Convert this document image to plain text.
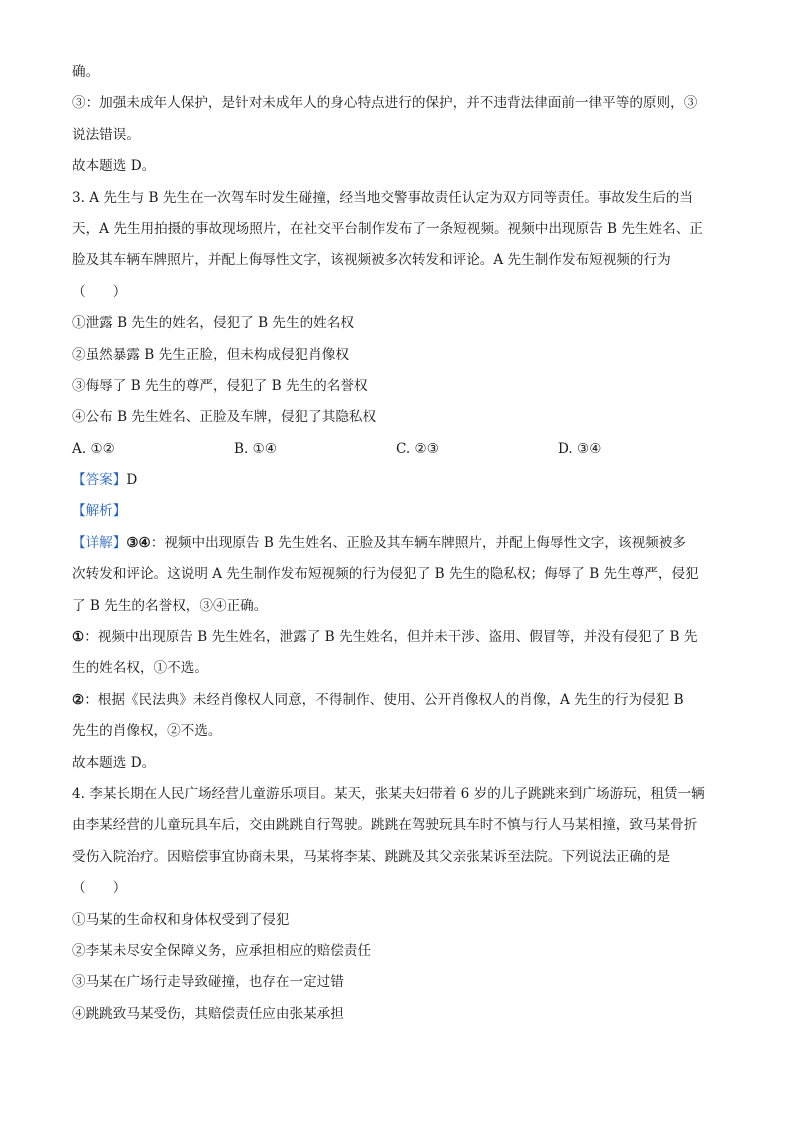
确。
③：加强未成年人保护，是针对未成年人的身心特点进行的保护，并不违背法律面前一律平等的原则，③
说法错误。
故本题选 D。
3. A 先生与 B 先生在一次驾车时发生碰撞，经当地交警事故责任认定为双方同等责任。事故发生后的当
天，A 先生用拍摄的事故现场照片，在社交平台制作发布了一条短视频。视频中出现原告 B 先生姓名、正
脸及其车辆车牌照片，并配上侮辱性文字，该视频被多次转发和评论。A 先生制作发布短视频的行为
（　　）
①泄露 B 先生的姓名，侵犯了 B 先生的姓名权
②虽然暴露 B 先生正脸，但未构成侵犯肖像权
③侮辱了 B 先生的尊严，侵犯了 B 先生的名誉权
④公布 B 先生姓名、正脸及车牌，侵犯了其隐私权
A. ①②	B. ①④	C. ②③	D. ③④
【答案】D
【解析】
【详解】③④：视频中出现原告 B 先生姓名、正脸及其车辆车牌照片，并配上侮辱性文字，该视频被多
次转发和评论。这说明 A 先生制作发布短视频的行为侵犯了 B 先生的隐私权；侮辱了 B 先生尊严，侵犯
了 B 先生的名誉权，③④正确。
①：视频中出现原告 B 先生姓名，泄露了 B 先生姓名，但并未干涉、盗用、假冒等，并没有侵犯了 B 先
生的姓名权，①不选。
②：根据《民法典》未经肖像权人同意，不得制作、使用、公开肖像权人的肖像，A 先生的行为侵犯 B
先生的肖像权，②不选。
故本题选 D。
4. 李某长期在人民广场经营儿童游乐项目。某天，张某夫妇带着 6 岁的儿子跳跳来到广场游玩，租赁一辆
由李某经营的儿童玩具车后，交由跳跳自行驾驶。跳跳在驾驶玩具车时不慎与行人马某相撞，致马某骨折
受伤入院治疗。因赔偿事宜协商未果，马某将李某、跳跳及其父亲张某诉至法院。下列说法正确的是
（　　）
①马某的生命权和身体权受到了侵犯
②李某未尽安全保障义务，应承担相应的赔偿责任
③马某在广场行走导致碰撞，也存在一定过错
④跳跳致马某受伤，其赔偿责任应由张某承担
